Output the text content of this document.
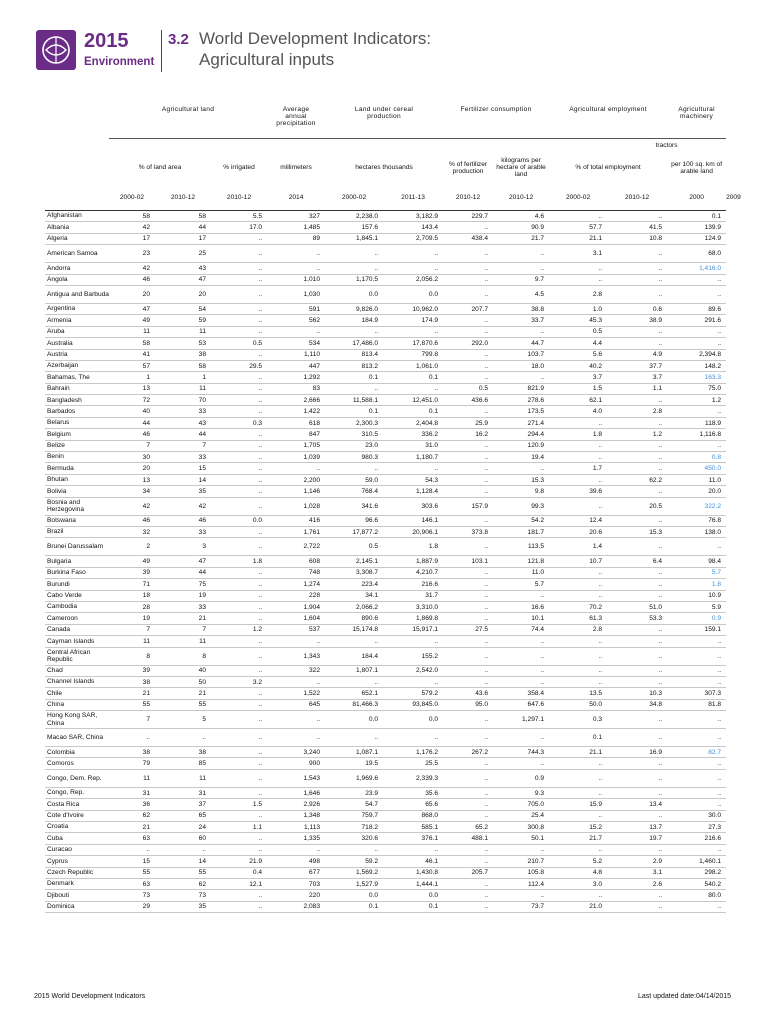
2015
Environment
3.2 World Development Indicators:
Agricultural inputs
	Agricultural land			Average annual precipitation	Land under cereal production		Fertilizer consumption		Agricultural employment		Agricultural machinery	
										tractors		
	% of land area		% irrigated	millimeters	hectares thousands		% of fertilizer production	kilograms per hectare of arable land	% of total employment		per 100 sq. km of arable land	
	2000-02	2010-12	2010-12	2014	2000-02	2011-13	2010-12	2010-12	2000-02	2010-12	2000	2009

Afghanistan	58	58	5.5	327	2,238.0	3,182.9	229.7	4.6	..	..	0.1	

Albania	42	44	17.0	1,485	157.6	143.4	..	90.9	57.7	41.5	139.9	

Algeria	17	17	..	89	1,845.1	2,709.5	438.4	21.7	21.1	10.8	124.9	

American Samoa	23	25	..	..	..	..	..	..	3.1	..	68.0	

Andorra	42	43	..	..	..	..	..	..	..	..	1,416.0	

Angola	46	47	..	1,010	1,170.5	2,056.2	..	9.7	..	..	..	

Antigua and Barbuda	20	20	..	1,030	0.0	0.0	..	4.5	2.8	..	..	

Argentina	47	54	..	591	9,826.0	10,962.0	207.7	38.8	1.0	0.6	89.6	

Armenia	49	59	..	562	184.9	174.9	..	33.7	45.3	38.9	291.6	

Aruba	11	11	..	..	..	..	..	..	0.5	..	..	

Australia	58	53	0.5	534	17,486.0	17,870.6	292.0	44.7	4.4	..	..	

Austria	41	38	..	1,110	813.4	799.8	..	103.7	5.6	4.9	2,394.8	

Azerbaijan	57	58	29.5	447	813.2	1,061.0	..	18.0	40.2	37.7	148.2	

Bahamas, The	1	1	..	1,292	0.1	0.1	..	..	3.7	3.7	163.3	

Bahrain	13	11	..	83	..	..	0.5	821.9	1.5	1.1	75.0	

Bangladesh	72	70	..	2,666	11,588.1	12,451.0	436.6	278.6	62.1	..	1.2	

Barbados	40	33	..	1,422	0.1	0.1	..	173.5	4.0	2.8	..	

Belarus	44	43	0.3	618	2,300.3	2,404.8	25.9	271.4	..	..	118.9	

Belgium	46	44	..	847	310.5	336.2	16.2	294.4	1.8	1.2	1,116.8	

Belize	7	7	..	1,705	23.0	31.0	..	120.9	..	..	..	

Benin	30	33	..	1,039	980.3	1,180.7	..	19.4	..	..	0.8	

Bermuda	20	15	..	..	..	..	..	..	1.7	..	450.0	

Bhutan	13	14	..	2,200	59.0	54.3	..	15.3	..	62.2	11.0	

Bolivia	34	35	..	1,146	768.4	1,128.4	..	9.8	39.6	..	20.0	

Bosnia and Herzegovina	42	42	..	1,028	341.6	303.6	157.9	99.3	..	20.5	322.2	

Botswana	46	46	0.0	416	96.6	146.1	..	54.2	12.4	..	76.8	

Brazil	32	33	..	1,761	17,877.2	20,906.1	373.8	181.7	20.6	15.3	138.0	

Brunei Darussalam	2	3	..	2,722	0.5	1.8	..	113.5	1.4	..	..	

Bulgaria	49	47	1.8	608	2,145.1	1,887.9	103.1	121.8	10.7	6.4	98.4	

Burkina Faso	39	44	..	748	3,308.7	4,210.7	..	11.0	..	..	5.7	

Burundi	71	75	..	1,274	223.4	216.6	..	5.7	..	..	1.8	

Cabo Verde	18	19	..	228	34.1	31.7	..	..	..	..	10.9	

Cambodia	28	33	..	1,904	2,066.2	3,310.0	..	16.6	70.2	51.0	5.9	

Cameroon	19	21	..	1,604	890.6	1,869.8	..	10.1	61.3	53.3	0.9	

Canada	7	7	1.2	537	15,174.8	15,917.1	27.5	74.4	2.8	..	159.1	

Cayman Islands	11	11	..	..	..	..	..	..	..	..	..	

Central African Republic	8	8	..	1,343	184.4	155.2	..	..	..	..	..	

Chad	39	40	..	322	1,807.1	2,542.0	..	..	..	..	..	

Channel Islands	38	50	3.2	..	..	..	..	..	..	..	..	

Chile	21	21	..	1,522	652.1	579.2	43.6	358.4	13.5	10.3	307.3	

China	55	55	..	645	81,466.3	93,845.0	95.0	647.6	50.0	34.8	81.8	

Hong Kong SAR, China	7	5	..	..	0.0	0.0	..	1,297.1	0.3	..	..	

Macao SAR, China	..	..	..	..	..	..	..	..	0.1	..	..	

Colombia	38	38	..	3,240	1,087.1	1,176.2	267.2	744.3	21.1	16.9	82.7	

Comoros	79	85	..	900	19.5	25.5	..	..	..	..	..	

Congo, Dem. Rep.	11	11	..	1,543	1,969.6	2,339.3	..	0.9	..	..	..	

Congo, Rep.	31	31	..	1,646	23.9	35.6	..	9.3	..	..	..	

Costa Rica	36	37	1.5	2,926	54.7	65.6	..	705.0	15.9	13.4	..	

Cote d'Ivoire	62	65	..	1,348	759.7	868.0	..	25.4	..	..	30.0	

Croatia	21	24	1.1	1,113	718.2	585.1	65.2	300.8	15.2	13.7	27.3	

Cuba	63	60	..	1,335	320.6	376.1	488.1	50.1	21.7	19.7	216.6	

Curacao	..	..	..	..	..	..	..	..	..	..	..	

Cyprus	15	14	21.9	498	59.2	46.1	..	210.7	5.2	2.9	1,460.1	

Czech Republic	55	55	0.4	677	1,569.2	1,430.8	205.7	105.8	4.8	3.1	298.2	

Denmark	63	62	12.1	703	1,527.9	1,444.1	..	112.4	3.0	2.6	540.2	

Djibouti	73	73	..	220	0.0	0.0	..	..	..	..	80.0	

Dominica	29	35	..	2,083	0.1	0.1	..	73.7	21.0	..	..	
2015 World Development Indicators	Last updated date:04/14/2015
